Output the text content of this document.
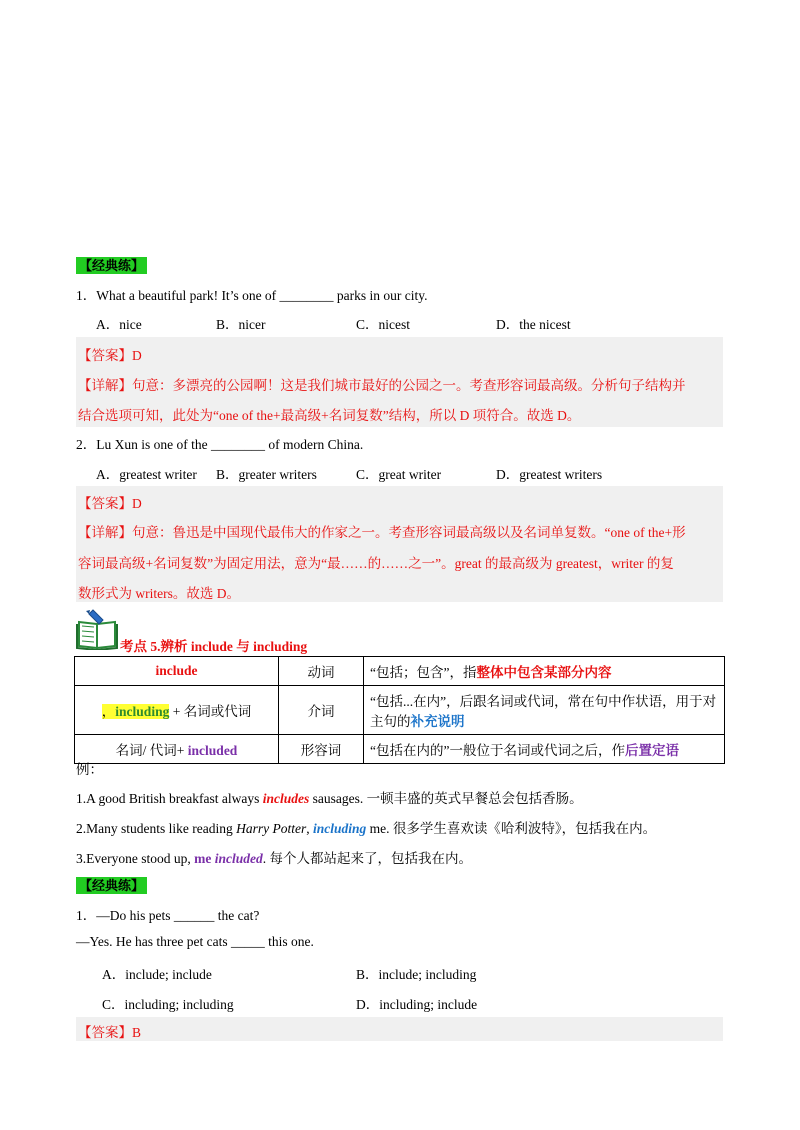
【经典练】
1．What a beautiful park! It’s one of ________ parks in our city.
A．nice	B．nicer	C．nicest	D．the nicest
【答案】D
【详解】句意：多漂亮的公园啊！这是我们城市最好的公园之一。考查形容词最高级。分析句子结构并
结合选项可知，此处为“one of the+最高级+名词复数”结构，所以 D 项符合。故选 D。
2．Lu Xun is one of the ________ of modern China.
A．greatest writer B．greater writers	C．great writer	D．greatest writers
【答案】D
【详解】句意：鲁迅是中国现代最伟大的作家之一。考查形容词最高级以及名词单复数。“one of the+形
容词最高级+名词复数”为固定用法，意为“最……的……之一”。great 的最高级为 greatest，writer 的复
数形式为 writers。故选 D。
考点 5.辨析 include 与 including
include	动词	“包括；包含”，指整体中包含某部分内容
，including + 名词或代词	介词	“包括...在内”，后跟名词或代词，常在句中作状语，用于对
主句的补充说明
名词/ 代词+ included	形容词	“包括在内的”一般位于名词或代词之后，作后置定语
例：
1.A good British breakfast always includes sausages. 一顿丰盛的英式早餐总会包括香肠。
2.Many students like reading Harry Potter, including me. 很多学生喜欢读《哈利波特》，包括我在内。
3.Everyone stood up, me included. 每个人都站起来了，包括我在内。
【经典练】
1．—Do his pets ______ the cat?
—Yes. He has three pet cats _____ this one.
A．include; include	B．include; including
C．including; including	D．including; include
【答案】B
